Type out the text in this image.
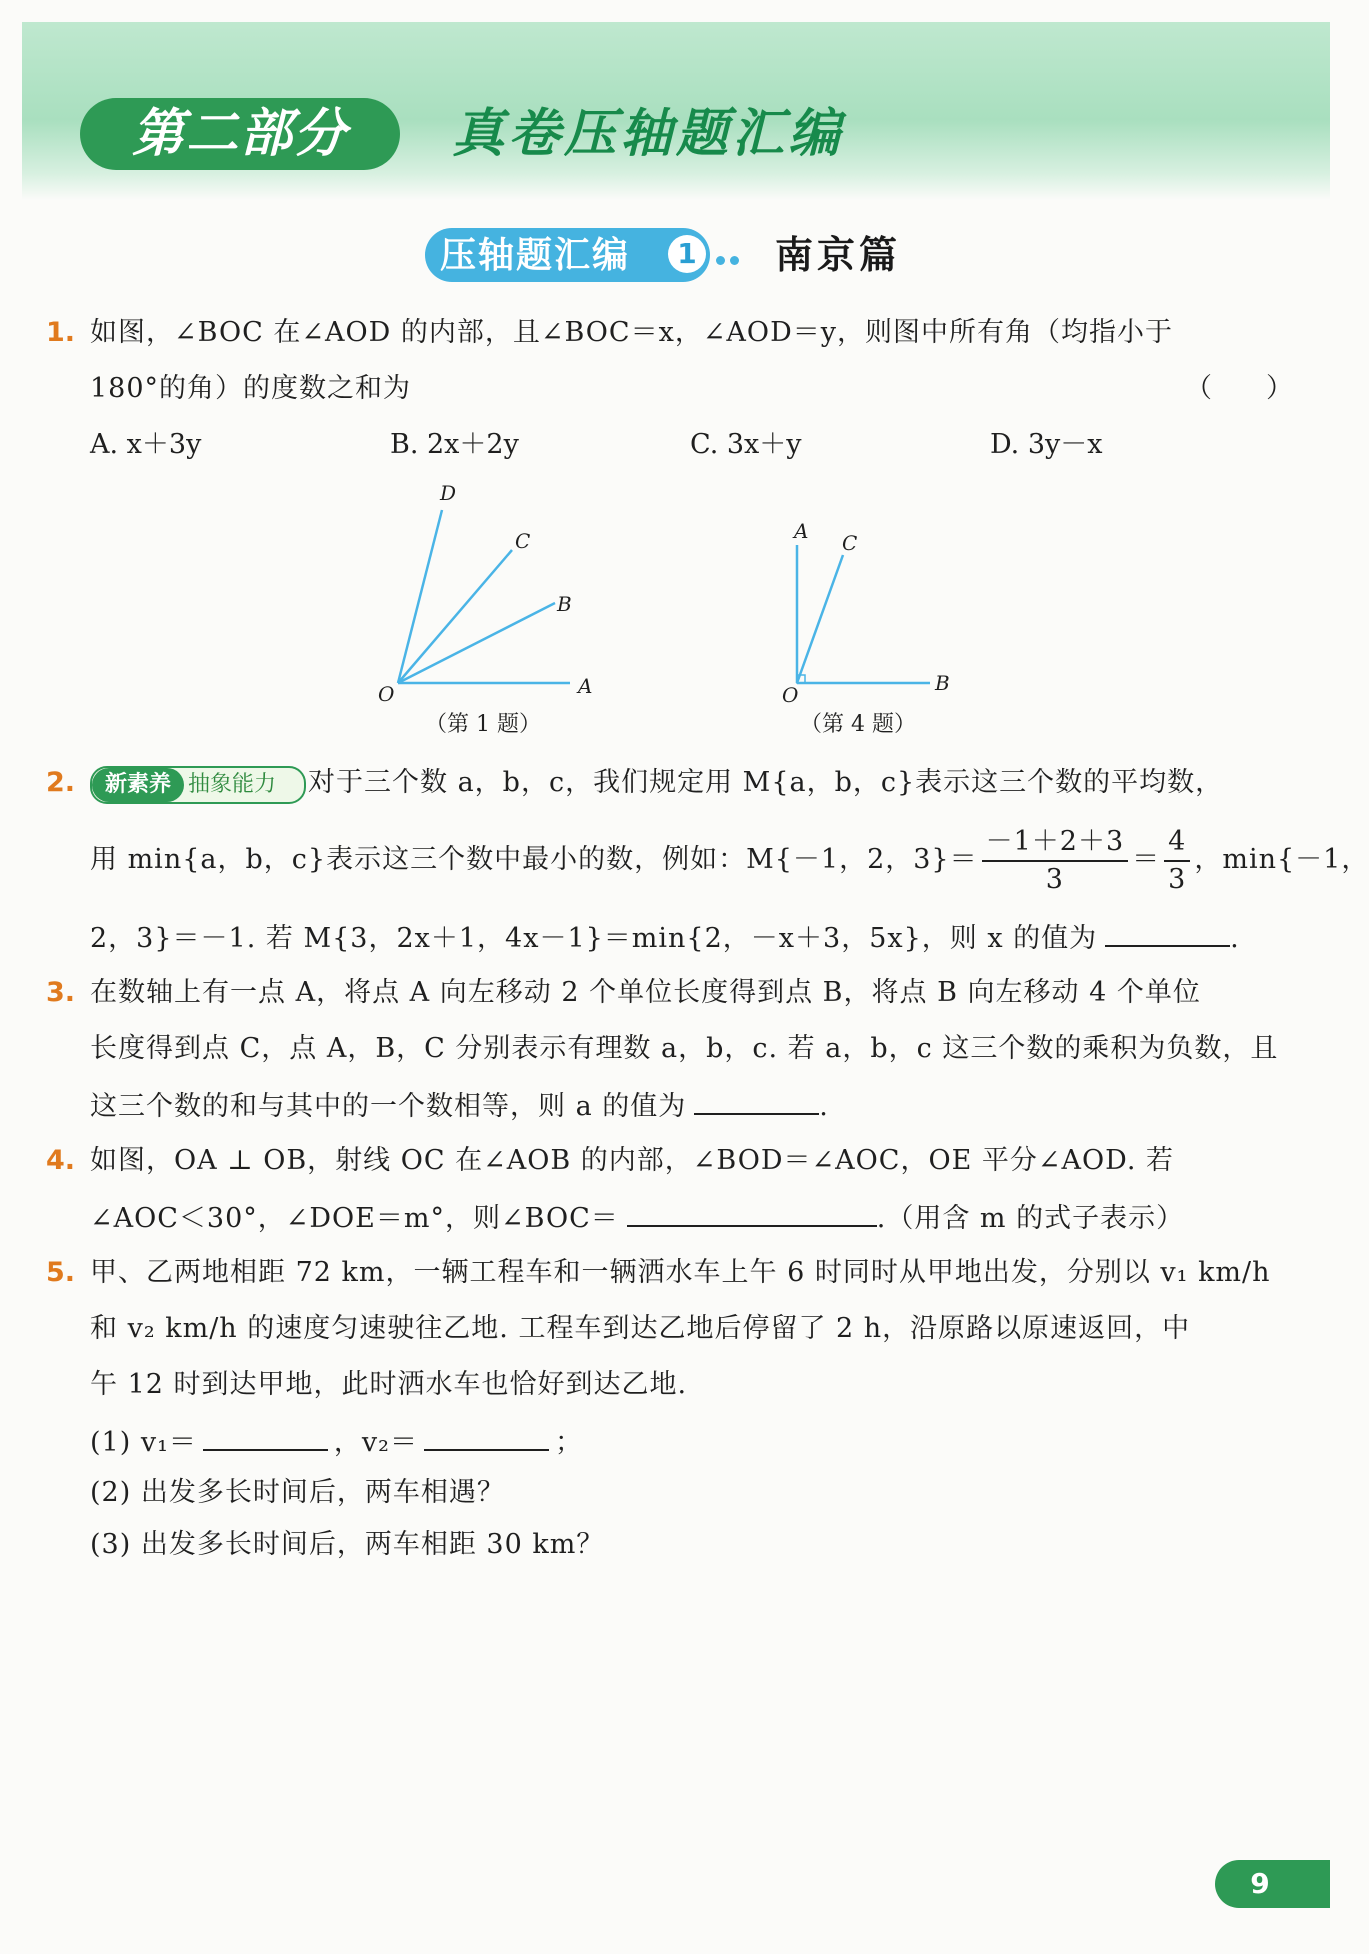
第二部分	真卷压轴题汇编
压轴题汇编	1 南京篇
1. 如图，∠BOC 在∠AOD 的内部，且∠BOC＝x，∠AOD＝y，则图中所有角（均指小于
180°的角）的度数之和为	（　　）
A. x＋3y	B. 2x＋2y	C. 3x＋y	D. 3y－x
D
C
B
O	A
（第 1 题）
A C
O	B
（第 4 题）
2.	新素养 抽象能力 对于三个数 a，b，c，我们规定用 M{a，b，c}表示这三个数的平均数，
用 min{a，b，c}表示这三个数中最小的数，例如：M{－1，2，$3\}= \frac{-1+2+3}{3} = \frac{4}{3}$ ，min{－1，
2，3}＝－1. 若 M{3，2x＋1，4x－1}＝min{2，－x＋3，5x}，则 x 的值为	.
3. 在数轴上有一点 A，将点 A 向左移动 2 个单位长度得到点 B，将点 B 向左移动 4 个单位
长度得到点 C，点 A，B，C 分别表示有理数 a，b，c. 若 a，b，c 这三个数的乘积为负数，且
这三个数的和与其中的一个数相等，则 a 的值为	.
4. 如图，OA ⊥ OB，射线 OC 在∠AOB 的内部，∠BOD＝∠AOC，OE 平分∠AOD. 若
∠AOC＜30°，∠DOE＝m°，则∠BOC＝	.（用含 m 的式子表示）
5. 甲、乙两地相距 72 km，一辆工程车和一辆洒水车上午 6 时同时从甲地出发，分别以 v₁ km/h
和 v₂ km/h 的速度匀速驶往乙地. 工程车到达乙地后停留了 2 h，沿原路以原速返回，中
午 12 时到达甲地，此时洒水车也恰好到达乙地.
(1) v₁＝	，v₂＝	；
(2) 出发多长时间后，两车相遇？
(3) 出发多长时间后，两车相距 30 km？
9
